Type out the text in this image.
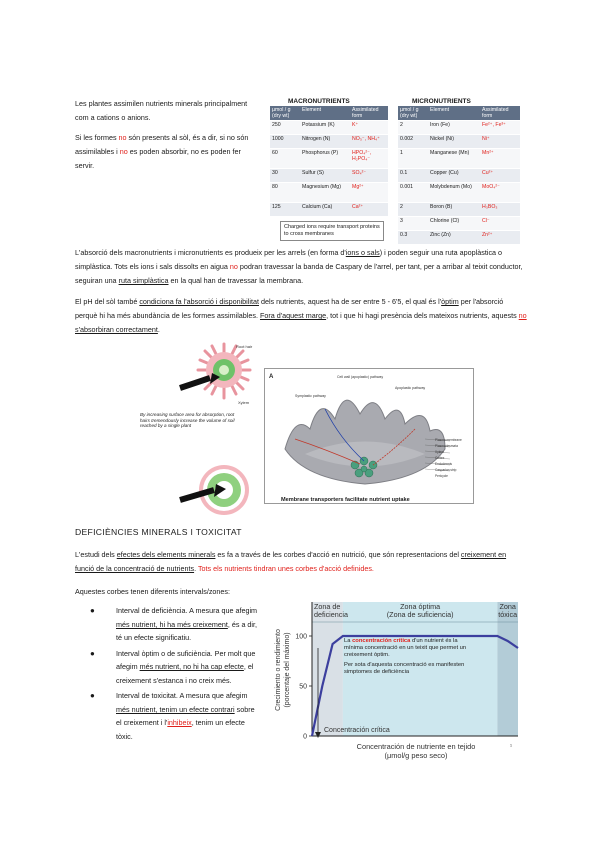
Les plantes assimilen nutrients minerals principalment com a cations o anions.
Si les formes no són presents al sòl, és a dir, si no són assimilables i no es poden absorbir, no es poden fer servir.
MACRONUTRIENTS
µmol / g (dry wt)	Element	Assimilated form
250	Potassium (K)	K⁺
1000	Nitrogen (N)	NO₃⁻, NH₄⁺
60	Phosphorus (P)	HPO₄²⁻, H₂PO₄⁻
30	Sulfur (S)	SO₄²⁻
80	Magnesium (Mg)	Mg²⁺
125	Calcium (Ca)	Ca²⁺
Charged ions require transport proteins to cross membranes
MICRONUTRIENTS
µmol / g (dry wt)	Element	Assimilated form
2	Iron (Fe)	Fe²⁺, Fe³⁺
0.002	Nickel (Ni)	Ni⁺
1	Manganese (Mn)	Mn²⁺
0.1	Copper (Cu)	Cu²⁺
0.001	Molybdenum (Mo)	MoO₄²⁻
2	Boron (B)	H₃BO₃
3	Chlorine (Cl)	Cl⁻
0.3	Zinc (Zn)	Zn²⁺
L'absorció dels macronutrients i micronutrients es produeix per les arrels (en forma d'ions o sals) i poden seguir una ruta apoplàstica o simplàstica. Tots els ions i sals dissolts en aigua no podran travessar la banda de Caspary de l'arrel, per tant, per a arribar al teixit conductor, seguiran una ruta simplàstica en la qual han de travessar la membrana.
El pH del sòl també condiciona fa l'absorció i disponibilitat dels nutrients, aquest ha de ser entre 5 - 6'5, el qual és l'òptim per l'absorció perquè hi ha més abundància de les formes assimilables. Fora d'aquest marge, tot i que hi hagi presència dels mateixos nutrients, aquests no s'absorbiran correctament.
Root hair
Xylem
By increasing surface area for absorption, root hairs tremendously increase the volume of soil reached by a single plant
A	Cell wall (apoplastic) pathway
Symplastic pathway
Apoplastic pathway
Plasma membrane
Plasmodesmata
Xylem
Cortex
Endodermis
Casparian strip
Pericycle
Membrane transporters facilitate nutrient uptake
DEFICIÈNCIES MINERALS I TOXICITAT
L'estudi dels efectes dels elements minerals es fa a través de les corbes d'acció en nutrició, que són representacions del creixement en funció de la concentració de nutrients. Tots els nutrients tindran unes corbes d'acció definides.
Aquestes corbes tenen diferents intervals/zones:
●	Interval de deficiència. A mesura que afegim més nutrient, hi ha més creixement, és a dir, té un efecte significatiu.
●	Interval òptim o de suficiència. Per molt que afegim més nutrient, no hi ha cap efecte, el creixement s'estanca i no creix més.
●	Interval de toxicitat. A mesura que afegim més nutrient, tenim un efecte contrari sobre el creixement i l'inhibeix, tenim un efecte tòxic.
Zona de deficiencia
Zona óptima (Zona de suficiencia)
Zona tóxica
100
50
0
Concentración crítica
La concentración crítica d'un nutrient és la mínima concentració en un teixit que permet un creixement òptim.
Per sota d'aquesta concentració es manifesten simptomes de deficiència
Crecimiento o rendimiento (porcentaje del máximo)
Concentración de nutriente en tejido (μmol/g peso seco)
₁
